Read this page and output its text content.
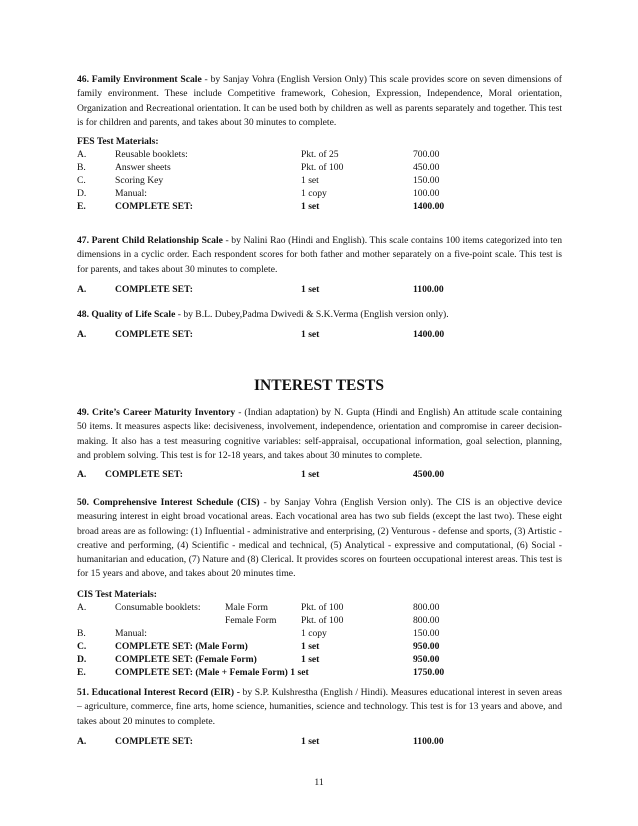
46. Family Environment Scale - by Sanjay Vohra (English Version Only) This scale provides score on seven dimensions of family environment. These include Competitive framework, Cohesion, Expression, Independence, Moral orientation, Organization and Recreational orientation. It can be used both by children as well as parents separately and together. This test is for children and parents, and takes about 30 minutes to complete.

FES Test Materials:
A.	Reusable booklets:	Pkt. of 25	700.00
B.	Answer sheets	Pkt. of 100	450.00
C.	Scoring Key	1 set	150.00
D.	Manual:	1 copy	100.00
E.	COMPLETE SET:	1 set	1400.00

47. Parent Child Relationship Scale - by Nalini Rao (Hindi and English). This scale contains 100 items categorized into ten dimensions in a cyclic order. Each respondent scores for both father and mother separately on a five-point scale. This test is for parents, and takes about 30 minutes to complete.

A.	COMPLETE SET:	1 set	1100.00

48. Quality of Life Scale - by B.L. Dubey,Padma Dwivedi & S.K.Verma (English version only).

A.	COMPLETE SET:	1 set	1400.00
INTEREST TESTS

49. Crite’s Career Maturity Inventory - (Indian adaptation) by N. Gupta (Hindi and English) An attitude scale containing 50 items. It measures aspects like: decisiveness, involvement, independence, orientation and compromise in career decision-making. It also has a test measuring cognitive variables: self-appraisal, occupational information, goal selection, planning, and problem solving. This test is for 12-18 years, and takes about 30 minutes to complete.

A. COMPLETE SET:	1 set	4500.00

50. Comprehensive Interest Schedule (CIS) - by Sanjay Vohra (English Version only). The CIS is an objective device measuring interest in eight broad vocational areas. Each vocational area has two sub fields (except the last two). These eight broad areas are as following: (1) Influential - administrative and enterprising, (2) Venturous - defense and sports, (3) Artistic - creative and performing, (4) Scientific - medical and technical, (5) Analytical - expressive and computational, (6) Social - humanitarian and education, (7) Nature and (8) Clerical. It provides scores on fourteen occupational interest areas. This test is for 15 years and above, and takes about 20 minutes time.

CIS Test Materials:
A.	Consumable booklets:	Male Form	Pkt. of 100	800.00
Female Form	Pkt. of 100	800.00
B.	Manual:	1 copy	150.00
C.	COMPLETE SET: (Male Form)	1 set	950.00
D.	COMPLETE SET: (Female Form)	1 set	950.00
E.	COMPLETE SET: (Male + Female Form) 1 set	1750.00

51. Educational Interest Record (EIR) - by S.P. Kulshrestha (English / Hindi). Measures educational interest in seven areas – agriculture, commerce, fine arts, home science, humanities, science and technology. This test is for 13 years and above, and takes about 20 minutes to complete.

A.	COMPLETE SET:	1 set	1100.00
11
